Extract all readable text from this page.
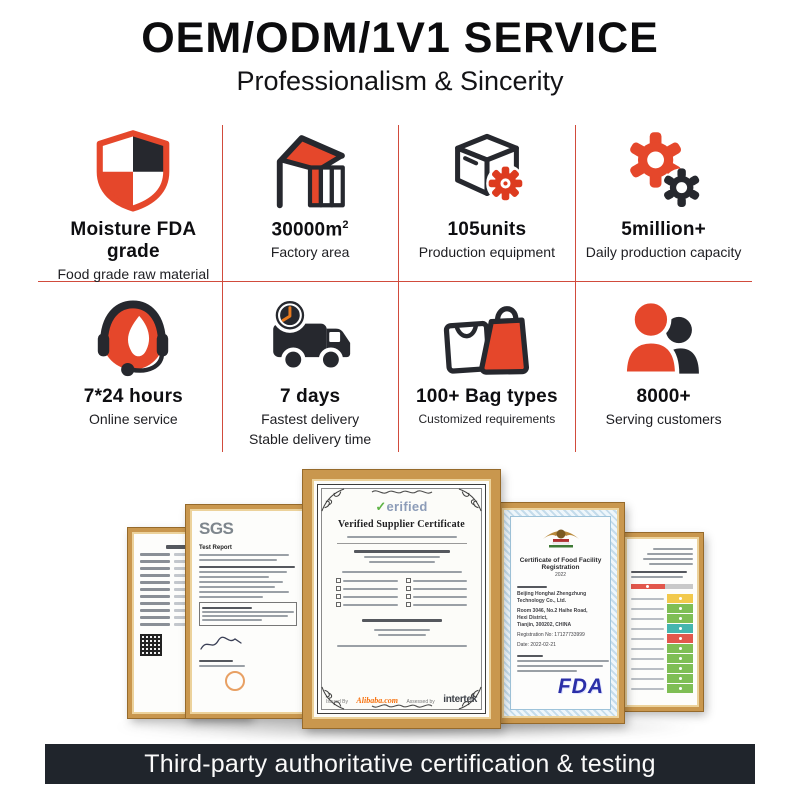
OEM/ODM/1V1 SERVICE
Professionalism & Sincerity
Moisture FDA grade
Food grade raw material
$30000m^2$
Factory area
105units
Production equipment
5million+
Daily production capacity
7*24 hours
Online service
7 days
Fastest delivery
Stable delivery time
100+ Bag types
Customized requirements
8000+
Serving customers
SGS
Test Report
✓erified
Verified Supplier Certificate
Issued By Alibaba.com Assessed by intertek
Certificate of Food Facility Registration
2022
Beijing Honghai Zhengzhung Technology Co., Ltd.
Room 3046, No.2 Haihe Road,
Hexi District,
Tianjin, 300202, CHINA
Registration No: 17127733999
Date: 2022-02-21
FDA
Third-party authoritative certification & testing
